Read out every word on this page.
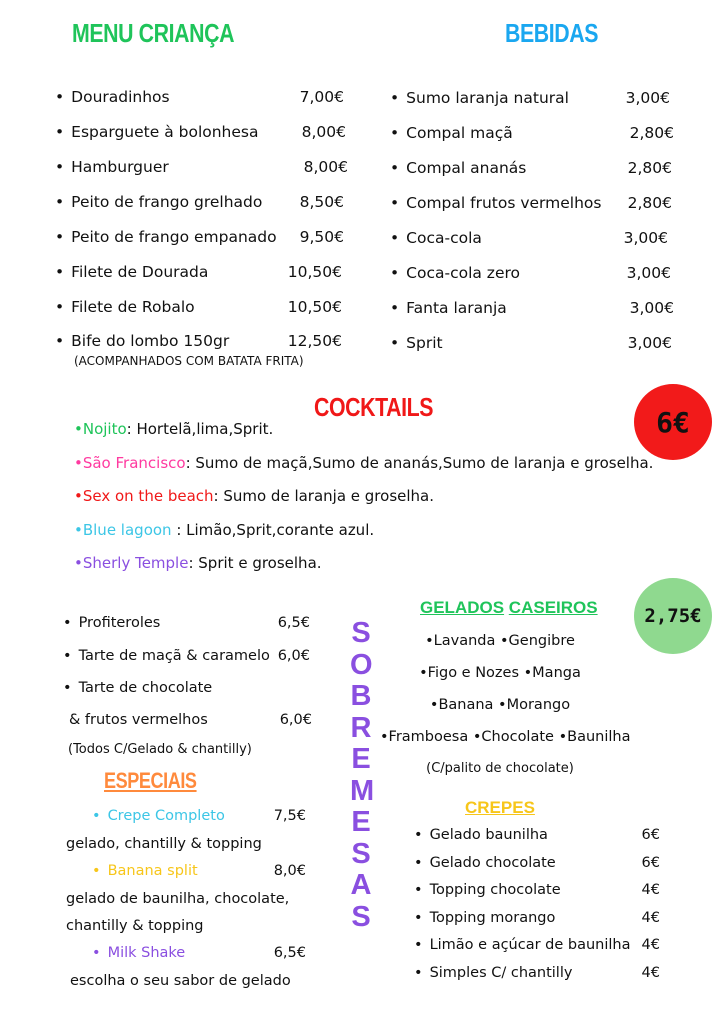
MENU CRIANÇA
• Douradinhos	7,00€
• Esparguete à bolonhesa	8,00€
• Hamburguer	8,00€
• Peito de frango grelhado	8,50€
• Peito de frango empanado	9,50€
• Filete de Dourada	10,50€
• Filete de Robalo	10,50€
• Bife do lombo 150gr	12,50€
(ACOMPANHADOS COM BATATA FRITA)
BEBIDAS
• Sumo laranja natural	3,00€
• Compal maçã	2,80€
• Compal ananás	2,80€
• Compal frutos vermelhos	2,80€
• Coca-cola	3,00€
• Coca-cola zero	3,00€
• Fanta laranja	3,00€
• Sprit	3,00€
COCKTAILS	6€
•Nojito: Hortelã,lima,Sprit.
•São Francisco: Sumo de maçã,Sumo de ananás,Sumo de laranja e groselha.
•Sex on the beach: Sumo de laranja e groselha.
•Blue lagoon : Limão,Sprit,corante azul.
•Sherly Temple: Sprit e groselha.
• Profiteroles	6,5€
• Tarte de maçã & caramelo 6,0€
• Tarte de chocolate
& frutos vermelhos	6,0€
(Todos C/Gelado & chantilly)
ESPECIAIS
• Crepe Completo	7,5€
gelado, chantilly & topping
• Banana split	8,0€
gelado de baunilha, chocolate,
chantilly & topping
• Milk Shake	6,5€
escolha o seu sabor de gelado
S
O
B
R
E
M
E
S
A
S
GELADOS CASEIROS	2,75€
•Lavanda •Gengibre
•Figo e Nozes •Manga
•Banana •Morango
•Framboesa •Chocolate •Baunilha
(C/palito de chocolate)
CREPES
• Gelado baunilha	6€
• Gelado chocolate	6€
• Topping chocolate	4€
• Topping morango	4€
• Limão e açúcar de baunilha 4€
• Simples C/ chantilly	4€
